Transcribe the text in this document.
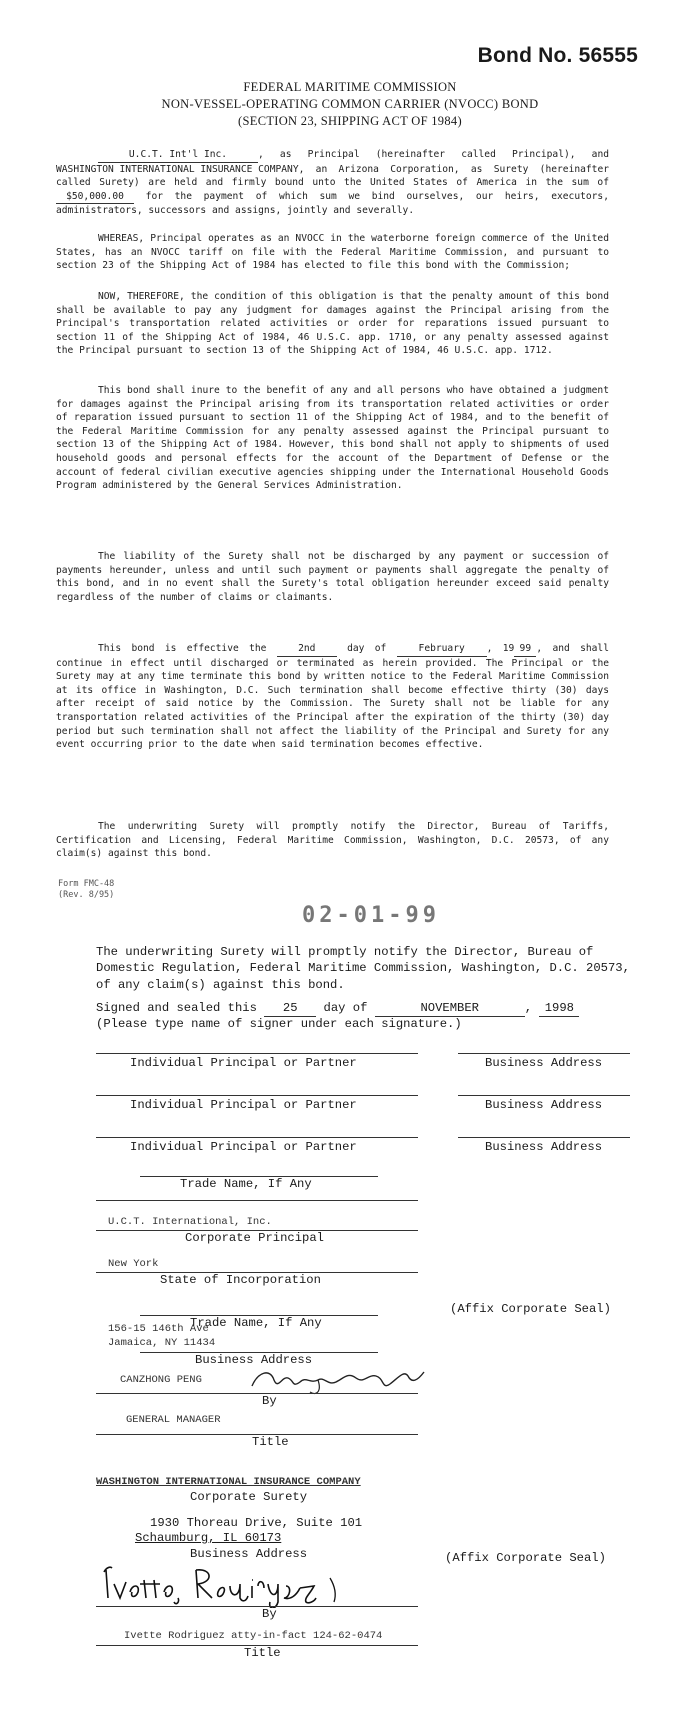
Bond No. 56555
FEDERAL MARITIME COMMISSION
NON-VESSEL-OPERATING COMMON CARRIER (NVOCC) BOND
(SECTION 23, SHIPPING ACT OF 1984)

U.C.T. Int'l Inc.	, as Principal (hereinafter called Principal), and WASHINGTON INTERNATIONAL INSURANCE COMPANY, an Arizona Corporation, as Surety (hereinafter called Surety) are held and firmly bound unto the United States of America in the sum of $50,000.00 for the payment of which sum we bind ourselves, our heirs, executors, administrators, successors and assigns, jointly and severally.

WHEREAS, Principal operates as an NVOCC in the waterborne foreign commerce of the United States, has an NVOCC tariff on file with the Federal Maritime Commission, and pursuant to section 23 of the Shipping Act of 1984 has elected to file this bond with the Commission;

NOW, THEREFORE, the condition of this obligation is that the penalty amount of this bond shall be available to pay any judgment for damages against the Principal arising from the Principal's transportation related activities or order for reparations issued pursuant to section 11 of the Shipping Act of 1984, 46 U.S.C. app. 1710, or any penalty assessed against the Principal pursuant to section 13 of the Shipping Act of 1984, 46 U.S.C. app. 1712.

This bond shall inure to the benefit of any and all persons who have obtained a judgment for damages against the Principal arising from its transportation related activities or order of reparation issued pursuant to section 11 of the Shipping Act of 1984, and to the benefit of the Federal Maritime Commission for any penalty assessed against the Principal pursuant to section 13 of the Shipping Act of 1984. However, this bond shall not apply to shipments of used household goods and personal effects for the account of the Department of Defense or the account of federal civilian executive agencies shipping under the International Household Goods Program administered by the General Services Administration.

The liability of the Surety shall not be discharged by any payment or succession of payments hereunder, unless and until such payment or payments shall aggregate the penalty of this bond, and in no event shall the Surety's total obligation hereunder exceed said penalty regardless of the number of claims or claimants.

This bond is effective the 2nd day of February , 19 99 , and shall continue in effect until discharged or terminated as herein provided. The Principal or the Surety may at any time terminate this bond by written notice to the Federal Maritime Commission at its office in Washington, D.C. Such termination shall become effective thirty (30) days after receipt of said notice by the Commission. The Surety shall not be liable for any transportation related activities of the Principal after the expiration of the thirty (30) day period but such termination shall not affect the liability of the Principal and Surety for any event occurring prior to the date when said termination becomes effective.

The underwriting Surety will promptly notify the Director, Bureau of Tariffs, Certification and Licensing, Federal Maritime Commission, Washington, D.C. 20573, of any claim(s) against this bond.

Form FMC-48
(Rev. 8/95)
02-01-99
The underwriting Surety will promptly notify the Director, Bureau of Domestic Regulation, Federal Maritime Commission, Washington, D.C. 20573, of any claim(s) against this bond.
Signed and sealed this 25 day of	NOVEMBER	, 1998
(Please type name of signer under each signature.)
Individual Principal or Partner	Business Address
Individual Principal or Partner	Business Address
Individual Principal or Partner	Business Address
Trade Name, If Any
U.C.T. International, Inc.
Corporate Principal
New York
State of Incorporation
(Affix Corporate Seal)
Trade Name, If Any
156-15 146th Ave
Jamaica, NY 11434
Business Address
CANZHONG PENG
By
GENERAL MANAGER
Title
WASHINGTON INTERNATIONAL INSURANCE COMPANY
Corporate Surety
1930 Thoreau Drive, Suite 101
Schaumburg, IL 60173
Business Address	(Affix Corporate Seal)
By
Ivette Rodriguez atty-in-fact 124-62-0474
Title
